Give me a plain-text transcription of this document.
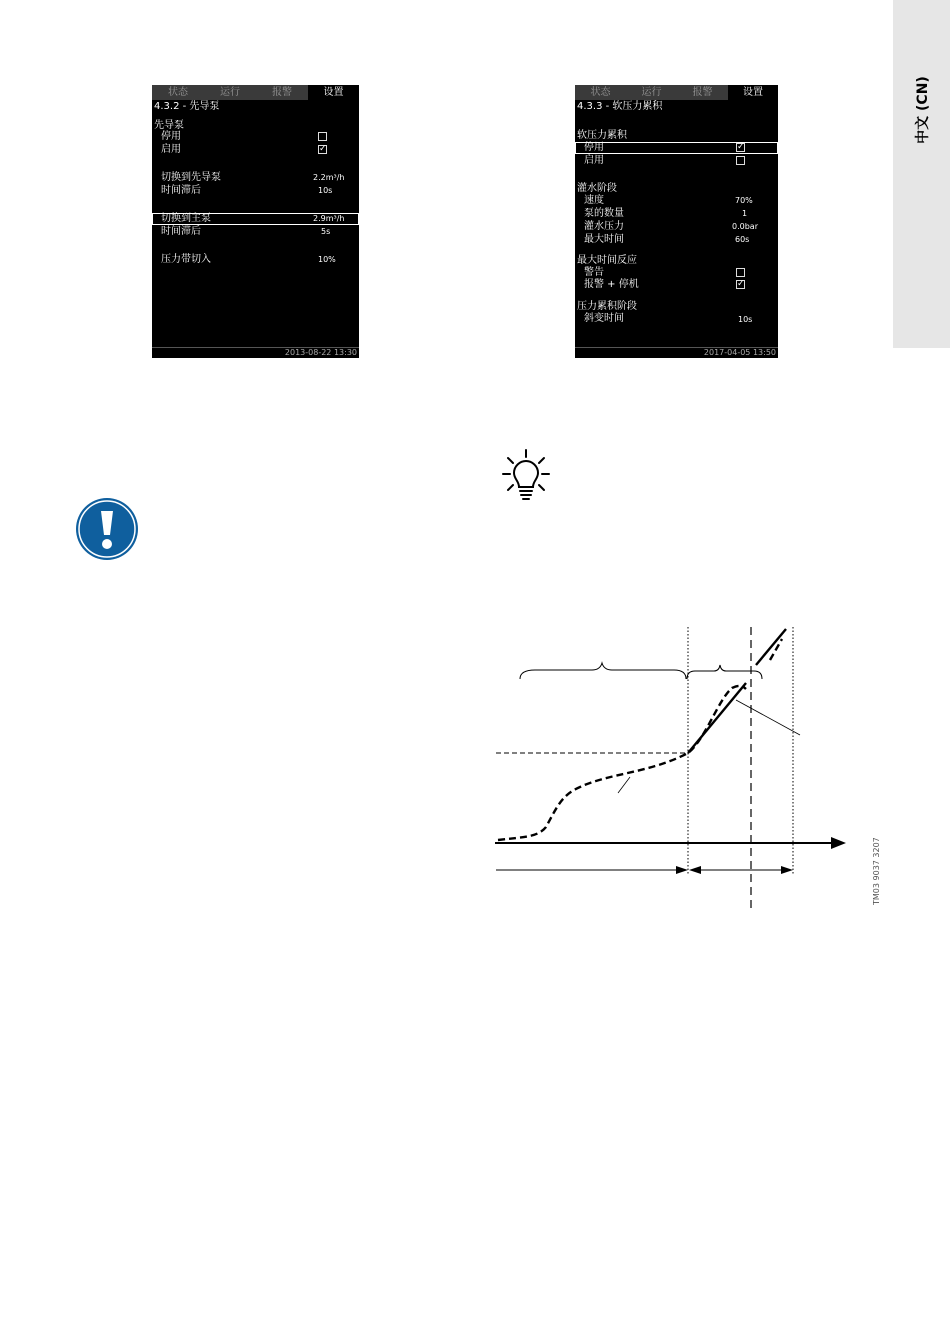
中文 (CN)
状态	运行	报警	设置
4.3.2 - 先导泵
先导泵
停用
启用	✓
切换到先导泵	2.2m³/h
时间滞后	10s
切换到主泵	2.9m³/h
时间滞后	5s
压力带切入	10%
2013-08-22 13:30
状态	运行	报警	设置
4.3.3 - 软压力累积
软压力累积
停用	✓
启用
灌水阶段
速度	70%
泵的数量	1
灌水压力	0.0bar
最大时间	60s
最大时间反应
警告
报警 + 停机	✓
压力累积阶段
斜变时间	10s
2017-04-05 13:50
TM03 9037 3207
